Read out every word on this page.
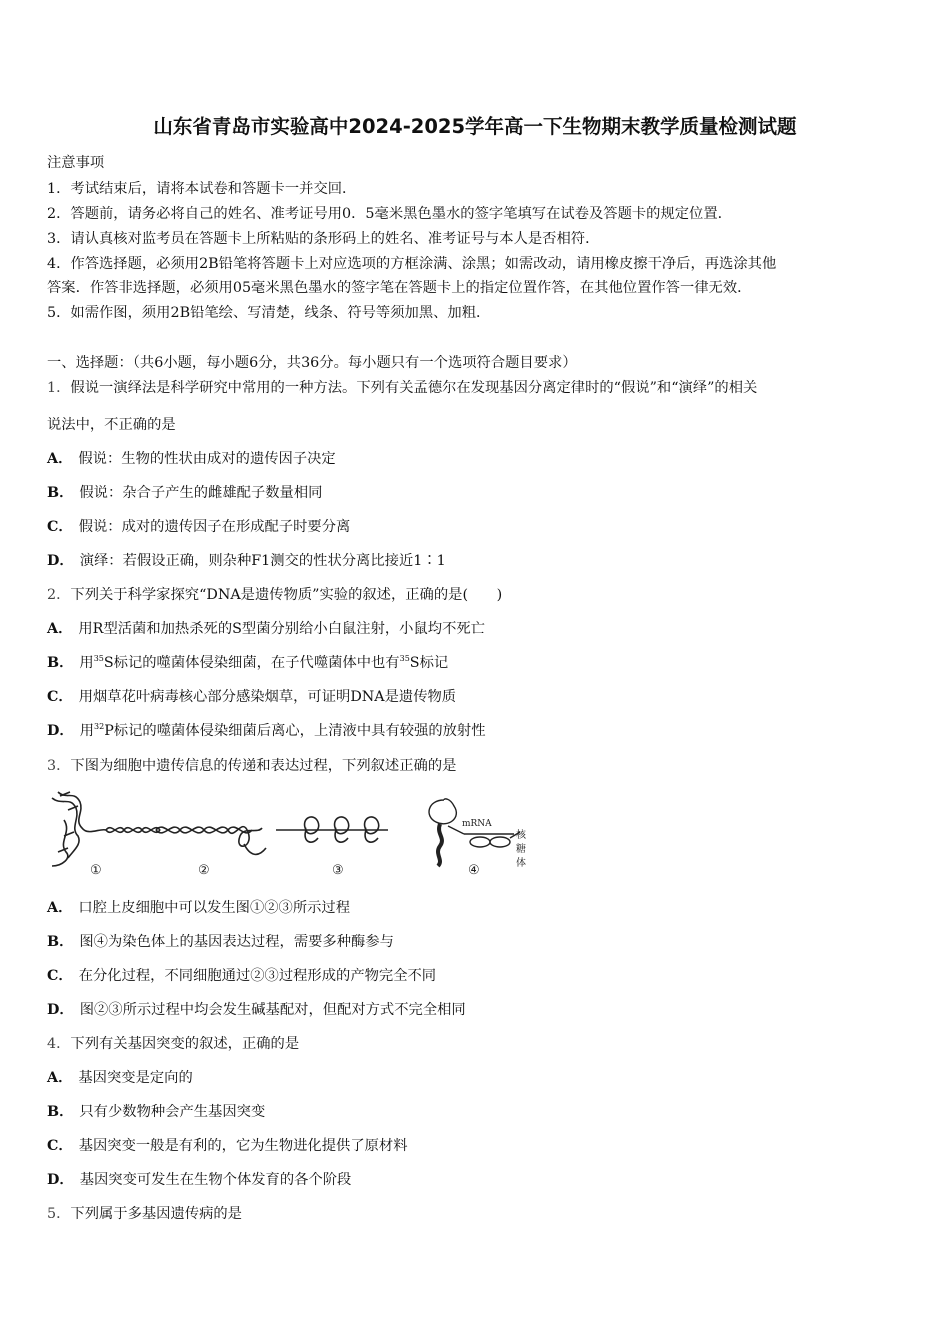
山东省青岛市实验高中2024-2025学年高一下生物期末教学质量检测试题
注意事项
1．考试结束后，请将本试卷和答题卡一并交回．
2．答题前，请务必将自己的姓名、准考证号用0．5毫米黑色墨水的签字笔填写在试卷及答题卡的规定位置．
3．请认真核对监考员在答题卡上所粘贴的条形码上的姓名、准考证号与本人是否相符．
4．作答选择题，必须用2B铅笔将答题卡上对应选项的方框涂满、涂黑；如需改动，请用橡皮擦干净后，再选涂其他
答案．作答非选择题，必须用05毫米黑色墨水的签字笔在答题卡上的指定位置作答，在其他位置作答一律无效．
5．如需作图，须用2B铅笔绘、写清楚，线条、符号等须加黑、加粗．
一、选择题：（共6小题，每小题6分，共36分。每小题只有一个选项符合题目要求）
1．假说一演绎法是科学研究中常用的一种方法。下列有关孟德尔在发现基因分离定律时的“假说”和“演绎”的相关
说法中，不正确的是
A． 假说：生物的性状由成对的遗传因子决定
B． 假说：杂合子产生的雌雄配子数量相同
C． 假说：成对的遗传因子在形成配子时要分离
D． 演绎：若假设正确，则杂种F1测交的性状分离比接近1∶1
2．下列关于科学家探究“DNA是遗传物质”实验的叙述，正确的是(　　)
A． 用R型活菌和加热杀死的S型菌分别给小白鼠注射，小鼠均不死亡
B． 用$^{35}$S标记的噬菌体侵染细菌，在子代噬菌体中也有$^{35}$S标记
C． 用烟草花叶病毒核心部分感染烟草，可证明DNA是遗传物质
D． 用$^{32}$P标记的噬菌体侵染细菌后离心，上清液中具有较强的放射性
3．下图为细胞中遗传信息的传递和表达过程，下列叙述正确的是
mRNA
核
糖
体
①	②	③	④
A． 口腔上皮细胞中可以发生图①②③所示过程
B． 图④为染色体上的基因表达过程，需要多种酶参与
C． 在分化过程，不同细胞通过②③过程形成的产物完全不同
D． 图②③所示过程中均会发生碱基配对，但配对方式不完全相同
4．下列有关基因突变的叙述，正确的是
A． 基因突变是定向的
B． 只有少数物种会产生基因突变
C． 基因突变一般是有利的，它为生物进化提供了原材料
D． 基因突变可发生在生物个体发育的各个阶段
5．下列属于多基因遗传病的是
